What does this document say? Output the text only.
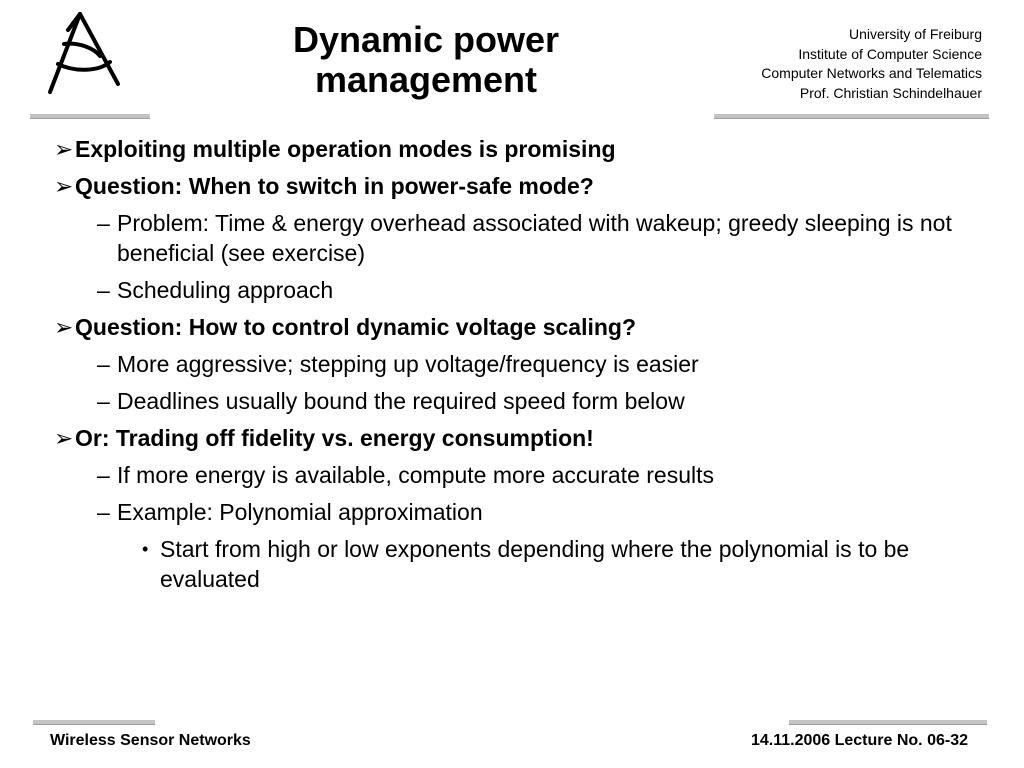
Dynamic power
management
University of Freiburg
Institute of Computer Science
Computer Networks and Telematics
Prof. Christian Schindelhauer
➢ Exploiting multiple operation modes is promising
➢ Question: When to switch in power-safe mode?
– Problem: Time & energy overhead associated with wakeup; greedy sleeping is not beneficial (see exercise)
– Scheduling approach
➢ Question: How to control dynamic voltage scaling?
– More aggressive; stepping up voltage/frequency is easier
– Deadlines usually bound the required speed form below
➢ Or: Trading off fidelity vs. energy consumption!
– If more energy is available, compute more accurate results
– Example: Polynomial approximation
• Start from high or low exponents depending where the polynomial is to be evaluated
Wireless Sensor Networks	14.11.2006 Lecture No. 06-32
